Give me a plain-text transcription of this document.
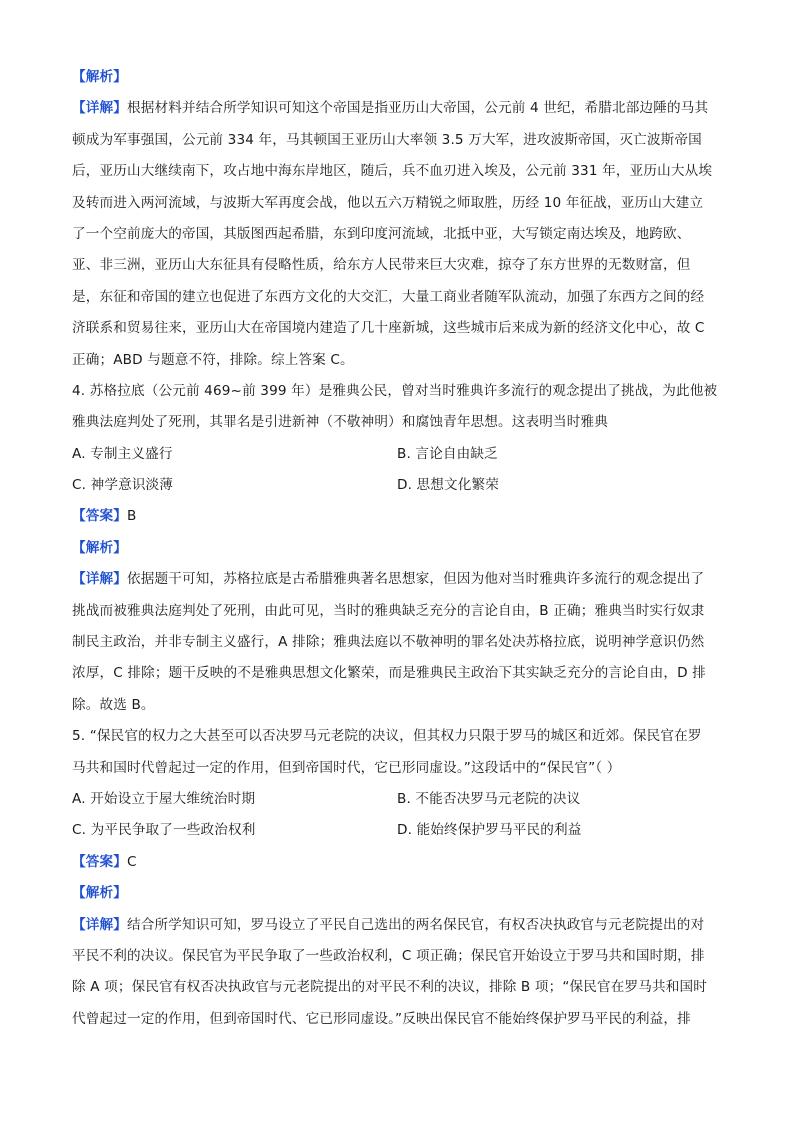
【解析】
【详解】根据材料并结合所学知识可知这个帝国是指亚历山大帝国，公元前 4 世纪，希腊北部边陲的马其
顿成为军事强国，公元前 334 年，马其顿国王亚历山大率领 3.5 万大军，进攻波斯帝国，灭亡波斯帝国
后，亚历山大继续南下，攻占地中海东岸地区，随后，兵不血刃进入埃及，公元前 331 年，亚历山大从埃
及转而进入两河流域，与波斯大军再度会战，他以五六万精锐之师取胜，历经 10 年征战，亚历山大建立
了一个空前庞大的帝国，其版图西起希腊，东到印度河流域，北抵中亚，大写锁定南达埃及，地跨欧、
亚、非三洲，亚历山大东征具有侵略性质，给东方人民带来巨大灾难，掠夺了东方世界的无数财富，但
是，东征和帝国的建立也促进了东西方文化的大交汇，大量工商业者随军队流动，加强了东西方之间的经
济联系和贸易往来，亚历山大在帝国境内建造了几十座新城，这些城市后来成为新的经济文化中心，故 C
正确；ABD 与题意不符，排除。综上答案 C。
4. 苏格拉底（公元前 469~前 399 年）是雅典公民，曾对当时雅典许多流行的观念提出了挑战，为此他被
雅典法庭判处了死刑，其罪名是引进新神（不敬神明）和腐蚀青年思想。这表明当时雅典
A. 专制主义盛行	B. 言论自由缺乏
C. 神学意识淡薄	D. 思想文化繁荣
【答案】B
【解析】
【详解】依据题干可知，苏格拉底是古希腊雅典著名思想家，但因为他对当时雅典许多流行的观念提出了
挑战而被雅典法庭判处了死刑，由此可见，当时的雅典缺乏充分的言论自由，B 正确；雅典当时实行奴隶
制民主政治，并非专制主义盛行，A 排除；雅典法庭以不敬神明的罪名处决苏格拉底，说明神学意识仍然
浓厚，C 排除；题干反映的不是雅典思想文化繁荣，而是雅典民主政治下其实缺乏充分的言论自由，D 排
除。故选 B。
5. “保民官的权力之大甚至可以否决罗马元老院的决议，但其权力只限于罗马的城区和近郊。保民官在罗
马共和国时代曾起过一定的作用，但到帝国时代，它已形同虚设。”这段话中的“保民官”（ ）
A. 开始设立于屋大维统治时期	B. 不能否决罗马元老院的决议
C. 为平民争取了一些政治权利	D. 能始终保护罗马平民的利益
【答案】C
【解析】
【详解】结合所学知识可知，罗马设立了平民自己选出的两名保民官，有权否决执政官与元老院提出的对
平民不利的决议。保民官为平民争取了一些政治权利，C 项正确；保民官开始设立于罗马共和国时期，排
除 A 项；保民官有权否决执政官与元老院提出的对平民不利的决议，排除 B 项；“保民官在罗马共和国时
代曾起过一定的作用，但到帝国时代、它已形同虚设。”反映出保民官不能始终保护罗马平民的利益，排
